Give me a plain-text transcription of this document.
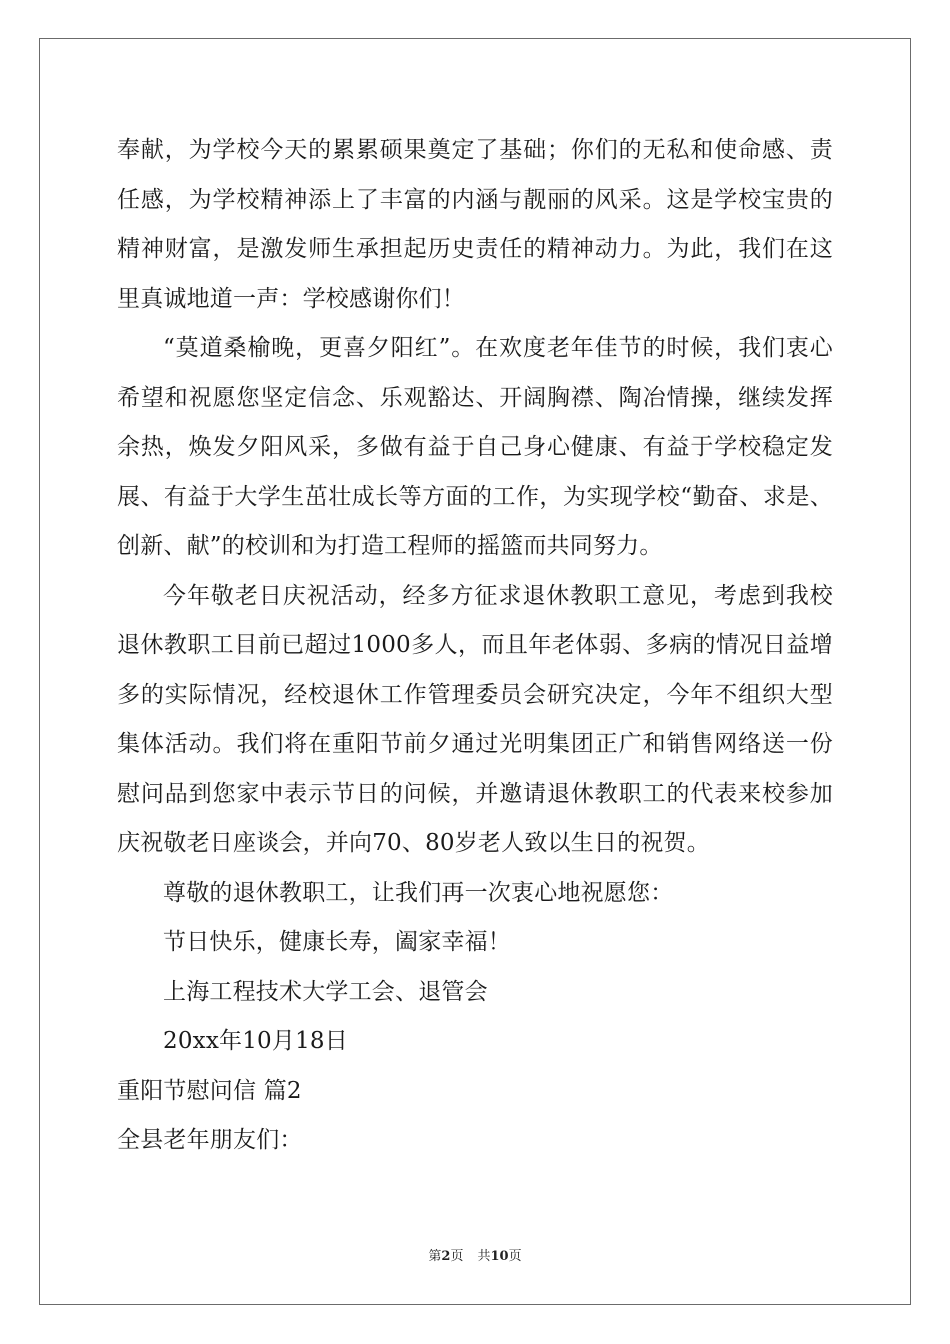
奉献，为学校今天的累累硕果奠定了基础；你们的无私和使命感、责任感，为学校精神添上了丰富的内涵与靓丽的风采。这是学校宝贵的精神财富，是激发师生承担起历史责任的精神动力。为此，我们在这里真诚地道一声：学校感谢你们！

“莫道桑榆晚，更喜夕阳红”。在欢度老年佳节的时候，我们衷心希望和祝愿您坚定信念、乐观豁达、开阔胸襟、陶冶情操，继续发挥余热，焕发夕阳风采，多做有益于自己身心健康、有益于学校稳定发展、有益于大学生茁壮成长等方面的工作，为实现学校“勤奋、求是、创新、献”的校训和为打造工程师的摇篮而共同努力。

今年敬老日庆祝活动，经多方征求退休教职工意见，考虑到我校退休教职工目前已超过1000多人，而且年老体弱、多病的情况日益增多的实际情况，经校退休工作管理委员会研究决定，今年不组织大型集体活动。我们将在重阳节前夕通过光明集团正广和销售网络送一份慰问品到您家中表示节日的问候，并邀请退休教职工的代表来校参加庆祝敬老日座谈会，并向70、80岁老人致以生日的祝贺。

尊敬的退休教职工，让我们再一次衷心地祝愿您：

节日快乐，健康长寿，阖家幸福！

上海工程技术大学工会、退管会

20xx年10月18日

重阳节慰问信 篇2

全县老年朋友们：

第2页 共10页
